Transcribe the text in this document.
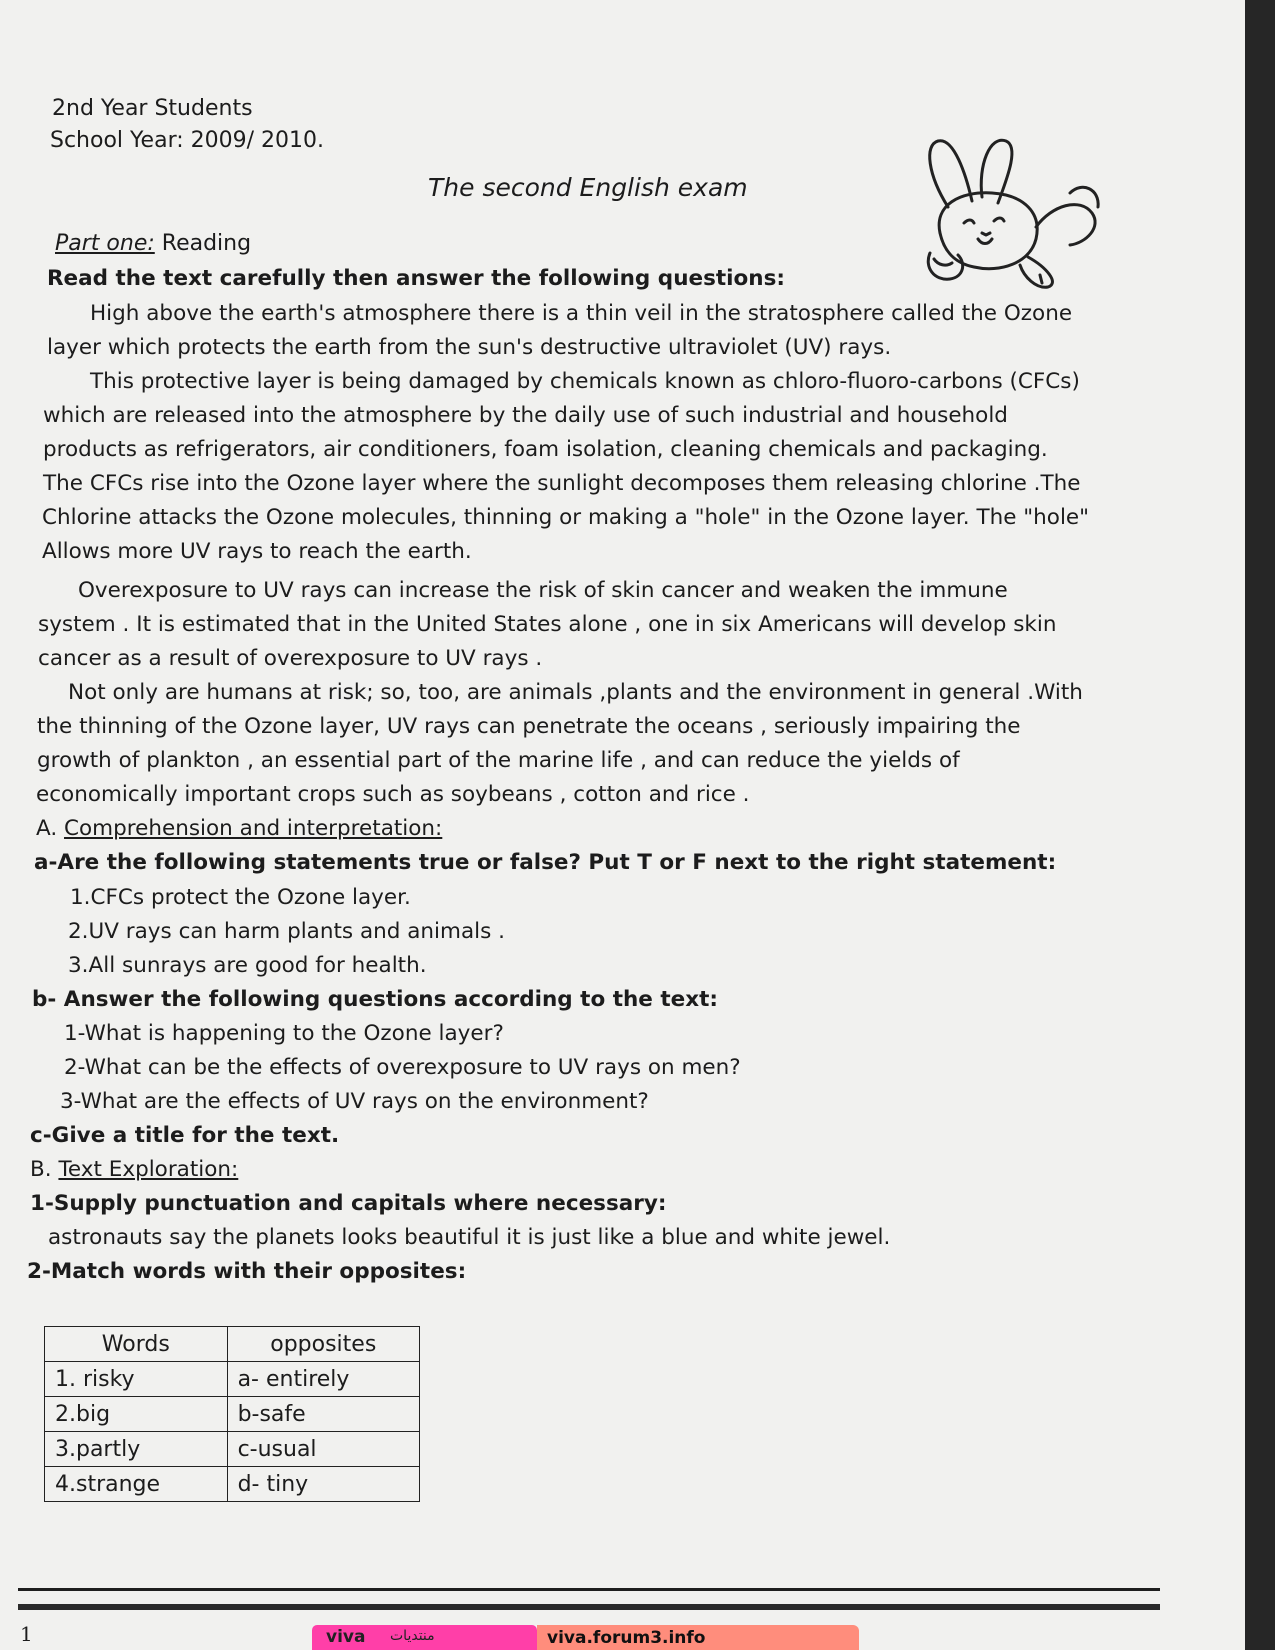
2nd Year Students
School Year: 2009/ 2010.
The second English exam
Part one: Reading
Read the text carefully then answer the following questions:
High above the earth's atmosphere there is a thin veil in the stratosphere called the Ozone
layer which protects the earth from the sun's destructive ultraviolet (UV) rays.
This protective layer is being damaged by chemicals known as chloro-fluoro-carbons (CFCs)
which are released into the atmosphere by the daily use of such industrial and household
products as refrigerators, air conditioners, foam isolation, cleaning chemicals and packaging.
The CFCs rise into the Ozone layer where the sunlight decomposes them releasing chlorine .The
Chlorine attacks the Ozone molecules, thinning or making a "hole" in the Ozone layer. The "hole"
Allows more UV rays to reach the earth.
Overexposure to UV rays can increase the risk of skin cancer and weaken the immune
system . It is estimated that in the United States alone , one in six Americans will develop skin
cancer as a result of overexposure to UV rays .
Not only are humans at risk; so, too, are animals ,plants and the environment in general .With
the thinning of the Ozone layer, UV rays can penetrate the oceans , seriously impairing the
growth of plankton , an essential part of the marine life , and can reduce the yields of
economically important crops such as soybeans , cotton and rice .
A. Comprehension and interpretation:
a-Are the following statements true or false? Put T or F next to the right statement:
1.CFCs protect the Ozone layer.
2.UV rays can harm plants and animals .
3.All sunrays are good for health.
b- Answer the following questions according to the text:
1-What is happening to the Ozone layer?
2-What can be the effects of overexposure to UV rays on men?
3-What are the effects of UV rays on the environment?
c-Give a title for the text.
B. Text Exploration:
1-Supply punctuation and capitals where necessary:
astronauts say the planets looks beautiful it is just like a blue and white jewel.
2-Match words with their opposites:
Words	opposites
1. risky	a- entirely
2.big	b-safe
3.partly	c-usual
4.strange	d- tiny
1	viva منتديات	viva.forum3.info
